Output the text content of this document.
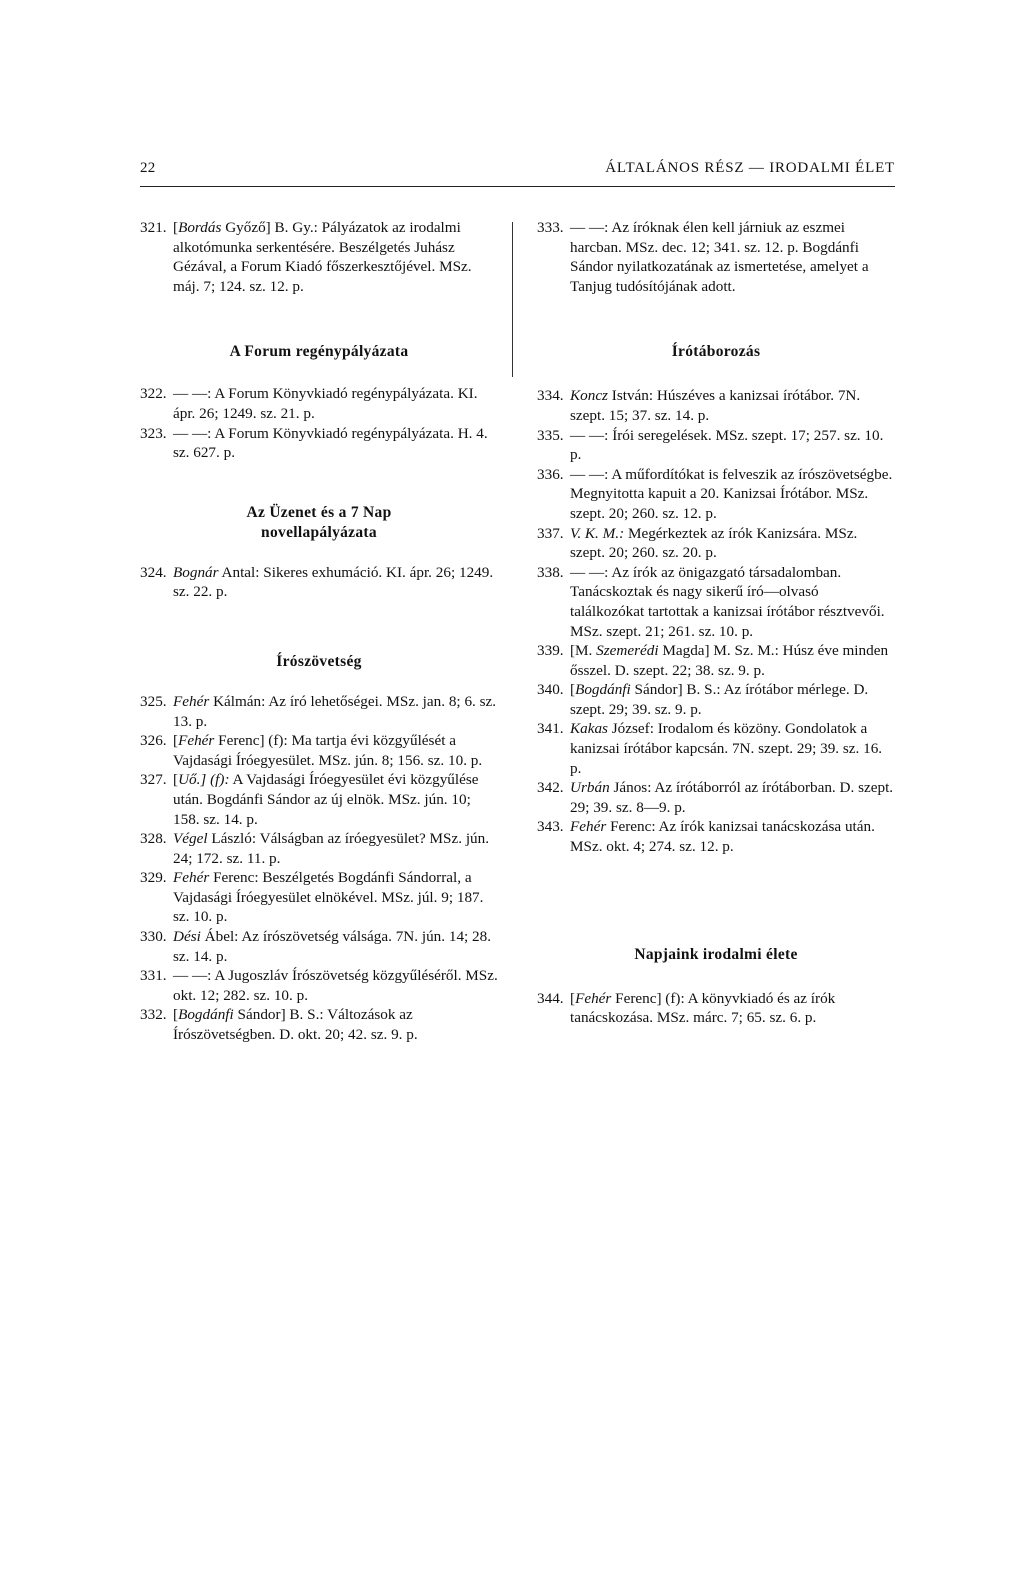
22	ÁLTALÁNOS RÉSZ — IRODALMI ÉLET
321. [Bordás Győző] B. Gy.: Pályázatok az irodalmi alkotómunka serkentésére. Beszélgetés Juhász Gézával, a Forum Kiadó főszerkesztőjével. MSz. máj. 7; 124. sz. 12. p.
A Forum regénypályázata
322. — —: A Forum Könyvkiadó regénypályázata. KI. ápr. 26; 1249. sz. 21. p.
323. — —: A Forum Könyvkiadó regénypályázata. H. 4. sz. 627. p.
Az Üzenet és a 7 Nap
novellapályázata
324. Bognár Antal: Sikeres exhumáció. KI. ápr. 26; 1249. sz. 22. p.
Írószövetség
325. Fehér Kálmán: Az író lehetőségei. MSz. jan. 8; 6. sz. 13. p.
326. [Fehér Ferenc] (f): Ma tartja évi közgyűlését a Vajdasági Íróegyesület. MSz. jún. 8; 156. sz. 10. p.
327. [Uő.] (f): A Vajdasági Íróegyesület évi közgyűlése után. Bogdánfi Sándor az új elnök. MSz. jún. 10; 158. sz. 14. p.
328. Végel László: Válságban az íróegyesület? MSz. jún. 24; 172. sz. 11. p.
329. Fehér Ferenc: Beszélgetés Bogdánfi Sándorral, a Vajdasági Íróegyesület elnökével. MSz. júl. 9; 187. sz. 10. p.
330. Dési Ábel: Az írószövetség válsága. 7N. jún. 14; 28. sz. 14. p.
331. — —: A Jugoszláv Írószövetség közgyűléséről. MSz. okt. 12; 282. sz. 10. p.
332. [Bogdánfi Sándor] B. S.: Változások az Írószövetségben. D. okt. 20; 42. sz. 9. p.
333. — —: Az íróknak élen kell járniuk az eszmei harcban. MSz. dec. 12; 341. sz. 12. p. Bogdánfi Sándor nyilatkozatának az ismertetése, amelyet a Tanjug tudósítójának adott.
Írótáborozás
334. Koncz István: Húszéves a kanizsai írótábor. 7N. szept. 15; 37. sz. 14. p.
335. — —: Írói seregelések. MSz. szept. 17; 257. sz. 10. p.
336. — —: A műfordítókat is felveszik az írószövetségbe. Megnyitotta kapuit a 20. Kanizsai Írótábor. MSz. szept. 20; 260. sz. 12. p.
337. V. K. M.: Megérkeztek az írók Kanizsára. MSz. szept. 20; 260. sz. 20. p.
338. — —: Az írók az önigazgató társadalomban. Tanácskoztak és nagy sikerű író—olvasó találkozókat tartottak a kanizsai írótábor résztvevői. MSz. szept. 21; 261. sz. 10. p.
339. [M. Szemerédi Magda] M. Sz. M.: Húsz éve minden ősszel. D. szept. 22; 38. sz. 9. p.
340. [Bogdánfi Sándor] B. S.: Az írótábor mérlege. D. szept. 29; 39. sz. 9. p.
341. Kakas József: Irodalom és közöny. Gondolatok a kanizsai írótábor kapcsán. 7N. szept. 29; 39. sz. 16. p.
342. Urbán János: Az írótáborról az írótáborban. D. szept. 29; 39. sz. 8—9. p.
343. Fehér Ferenc: Az írók kanizsai tanácskozása után. MSz. okt. 4; 274. sz. 12. p.
Napjaink irodalmi élete
344. [Fehér Ferenc] (f): A könyvkiadó és az írók tanácskozása. MSz. márc. 7; 65. sz. 6. p.
